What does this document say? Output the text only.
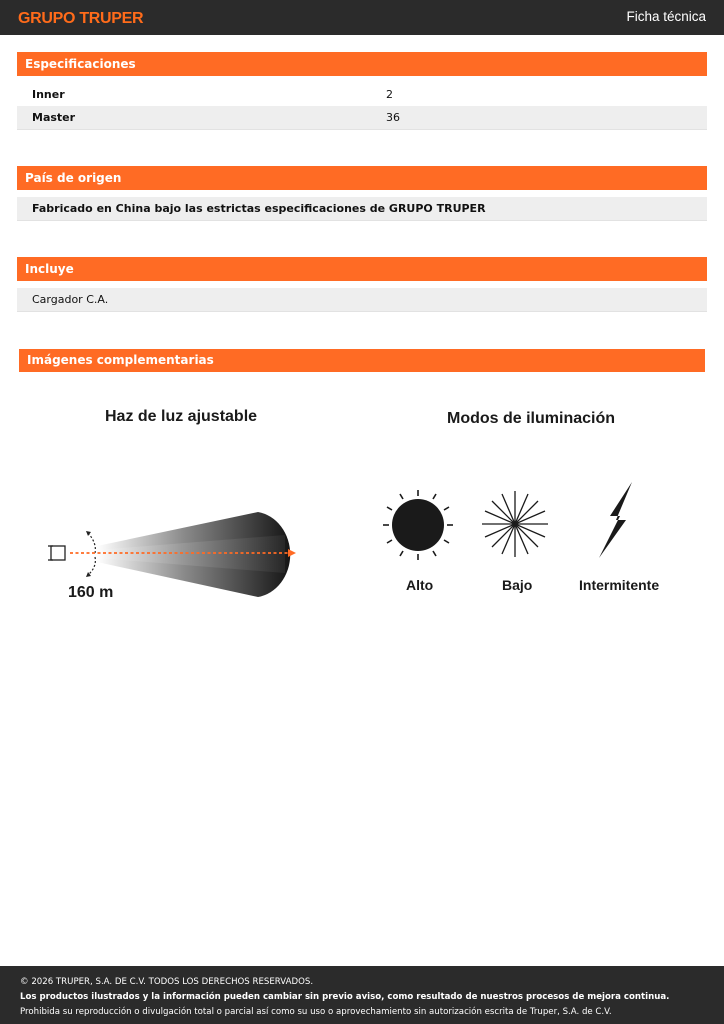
GRUPO TRUPER	Ficha técnica
Especificaciones
Inner	2
Master	36
País de origen
Fabricado en China bajo las estrictas especificaciones de GRUPO TRUPER
Incluye
Cargador C.A.
Imágenes complementarias
Haz de luz ajustable
160 m
Modos de iluminación
Alto	Bajo	Intermitente
© 2026 TRUPER, S.A. DE C.V. TODOS LOS DERECHOS RESERVADOS.
Los productos ilustrados y la información pueden cambiar sin previo aviso, como resultado de nuestros procesos de mejora continua.
Prohibida su reproducción o divulgación total o parcial así como su uso o aprovechamiento sin autorización escrita de Truper, S.A. de C.V.
